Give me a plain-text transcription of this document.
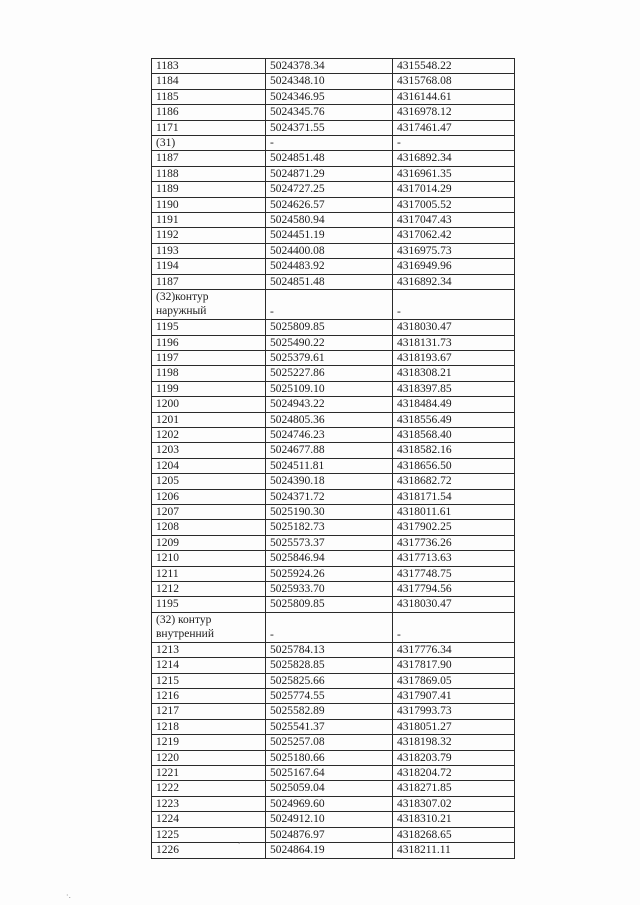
1183	5024378.34	4315548.22
1184	5024348.10	4315768.08
1185	5024346.95	4316144.61
1186	5024345.76	4316978.12
1171	5024371.55	4317461.47
(31)	-	-
1187	5024851.48	4316892.34
1188	5024871.29	4316961.35
1189	5024727.25	4317014.29
1190	5024626.57	4317005.52
1191	5024580.94	4317047.43
1192	5024451.19	4317062.42
1193	5024400.08	4316975.73
1194	5024483.92	4316949.96
1187	5024851.48	4316892.34

(32)контур наружный	-	-
1195	5025809.85	4318030.47
1196	5025490.22	4318131.73
1197	5025379.61	4318193.67
1198	5025227.86	4318308.21
1199	5025109.10	4318397.85
1200	5024943.22	4318484.49
1201	5024805.36	4318556.49
1202	5024746.23	4318568.40
1203	5024677.88	4318582.16
1204	5024511.81	4318656.50
1205	5024390.18	4318682.72
1206	5024371.72	4318171.54
1207	5025190.30	4318011.61
1208	5025182.73	4317902.25
1209	5025573.37	4317736.26
1210	5025846.94	4317713.63
1211	5025924.26	4317748.75
1212	5025933.70	4317794.56
1195	5025809.85	4318030.47

(32) контур внутренний	-	-
1213	5025784.13	4317776.34
1214	5025828.85	4317817.90
1215	5025825.66	4317869.05
1216	5025774.55	4317907.41
1217	5025582.89	4317993.73
1218	5025541.37	4318051.27
1219	5025257.08	4318198.32
1220	5025180.66	4318203.79
1221	5025167.64	4318204.72
1222	5025059.04	4318271.85
1223	5024969.60	4318307.02
1224	5024912.10	4318310.21
1225	5024876.97	4318268.65
1226	5024864.19	4318211.11
ˊ
·.
